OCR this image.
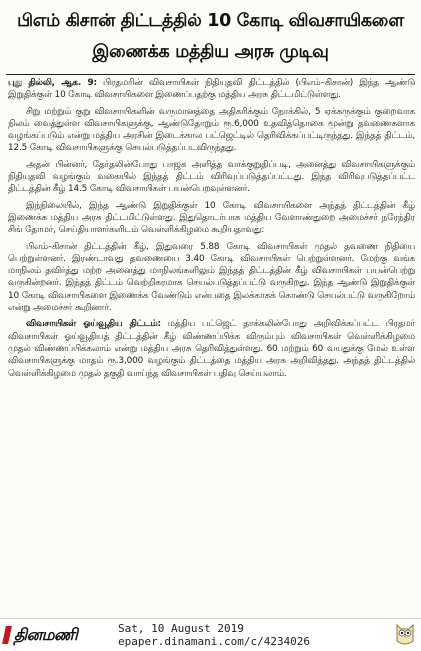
பிஎம் கிசான் திட்டத்தில் 10 கோடி விவசாயிகளை
இணைக்க மத்திய அரசு முடிவு

புது தில்லி, ஆக. 9: பிரதமரின் விவசாயிகள் நிதியுதவி திட்டத்தில் (பிஎம்–கிசான்) இந்த ஆண்டு இறுதிக்குள் 10 கோடி விவசாயிகளை இணைப்பதற்கு மத்திய அரசு திட்டமிட்டுள்ளது.

சிறு மற்றும் குறு விவசாயிகளின் வருமானத்தை அதிகரிக்கும் நோக்கில், 5 ஏக்கருக்கும் குறைவாக நிலம் வைத்துள்ள விவசாயிகளுக்கு, ஆண்டுதோறும் ரூ.6,000 உதவித்தொகை மூன்று தவணைகளாக வழங்கப்படும் என்று மத்திய அரசின் இடைக்கால பட்ஜெட்டில் தெரிவிக்கப்பட்டிருந்தது. இந்தத் திட்டம், 12.5 கோடி விவசாயிகளுக்கு செயல்படுத்தப்படவிருந்தது.

அதன் பின்னர், தேர்தலின்போது பாஜக அளித்த வாக்குறுதிப்படி, அனைத்து விவசாயிகளுக்கும் நிதியுதவி வழங்கும் வகையில் இந்தத் திட்டம் விரிவுப்படுத்தப்பட்டது. இந்த விரிவுபடுத்தப்பட்ட திட்டத்தின் கீழ் 14.5 கோடி விவசாயிகள் பயன்பெறவுள்ளனர்.

இந்நிலையில், இந்த ஆண்டு இறுதிக்குள் 10 கோடி விவசாயிகளை அந்தத் திட்டத்தின் கீழ் இணைக்க மத்திய அரசு திட்டமிட்டுள்ளது. இதுதொடர்பாக மத்திய வேளாண்துறை அமைச்சர் நரேந்திர சிங் தோமர், செய்தியாளர்களிடம் வெள்ளிக்கிழமை கூறியதாவது:

பிஎம்–கிசான் திட்டத்தின் கீழ், இதுவரை 5.88 கோடி விவசாயிகள் முதல் தவணை நிதியை பெற்றுள்ளனர். இரண்டாவது தவணையை 3.40 கோடி விவசாயிகள் பெற்றுள்ளனர். மேற்கு வங்க மாநிலம் தவிர்த்து மற்ற அனைத்து மாநிலங்களிலும் இந்தத் திட்டத்தின் கீழ் விவசாயிகள் பயன்பெற்று வருகின்றனர். இந்தத் திட்டம் வெற்றிகரமாக செயல்படுத்தப்பட்டு வருகிறது. இந்த ஆண்டு இறுதிக்குள் 10 கோடி விவசாயிகளை இணைக்க வேண்டும் என்பதை இலக்காகக் கொண்டு செயல்பட்டு வருகிறோம் என்று அமைச்சர் கூறினார்.

விவசாயிகள் ஓய்வூதிய திட்டம்: மத்திய பட்ஜெட் தாக்கலின்போது அறிவிக்கப்பட்ட பிரதமர் விவசாயிகள் ஓய்வூதியத் திட்டத்தின் கீழ் விண்ணப்பிக்க விரும்பும் விவசாயிகள் வெள்ளிக்கிழமை முதல் விண்ணப்பிக்கலாம் என்று மத்திய அரசு தெரிவித்துள்ளது. 60 மற்றும் 60 வயதுக்கு மேல் உள்ள விவசாயிகளுக்கு மாதம் ரூ.3,000 வழங்கும் திட்டத்தை மத்திய அரசு அறிவித்தது. அந்தத் திட்டத்தில் வெள்ளிக்கிழமை முதல் தகுதி வாய்ந்த விவசாயிகள் பதிவு செய்யலாம்.

தினமணி	Sat, 10 August 2019
epaper.dinamani.com/c/4234026
